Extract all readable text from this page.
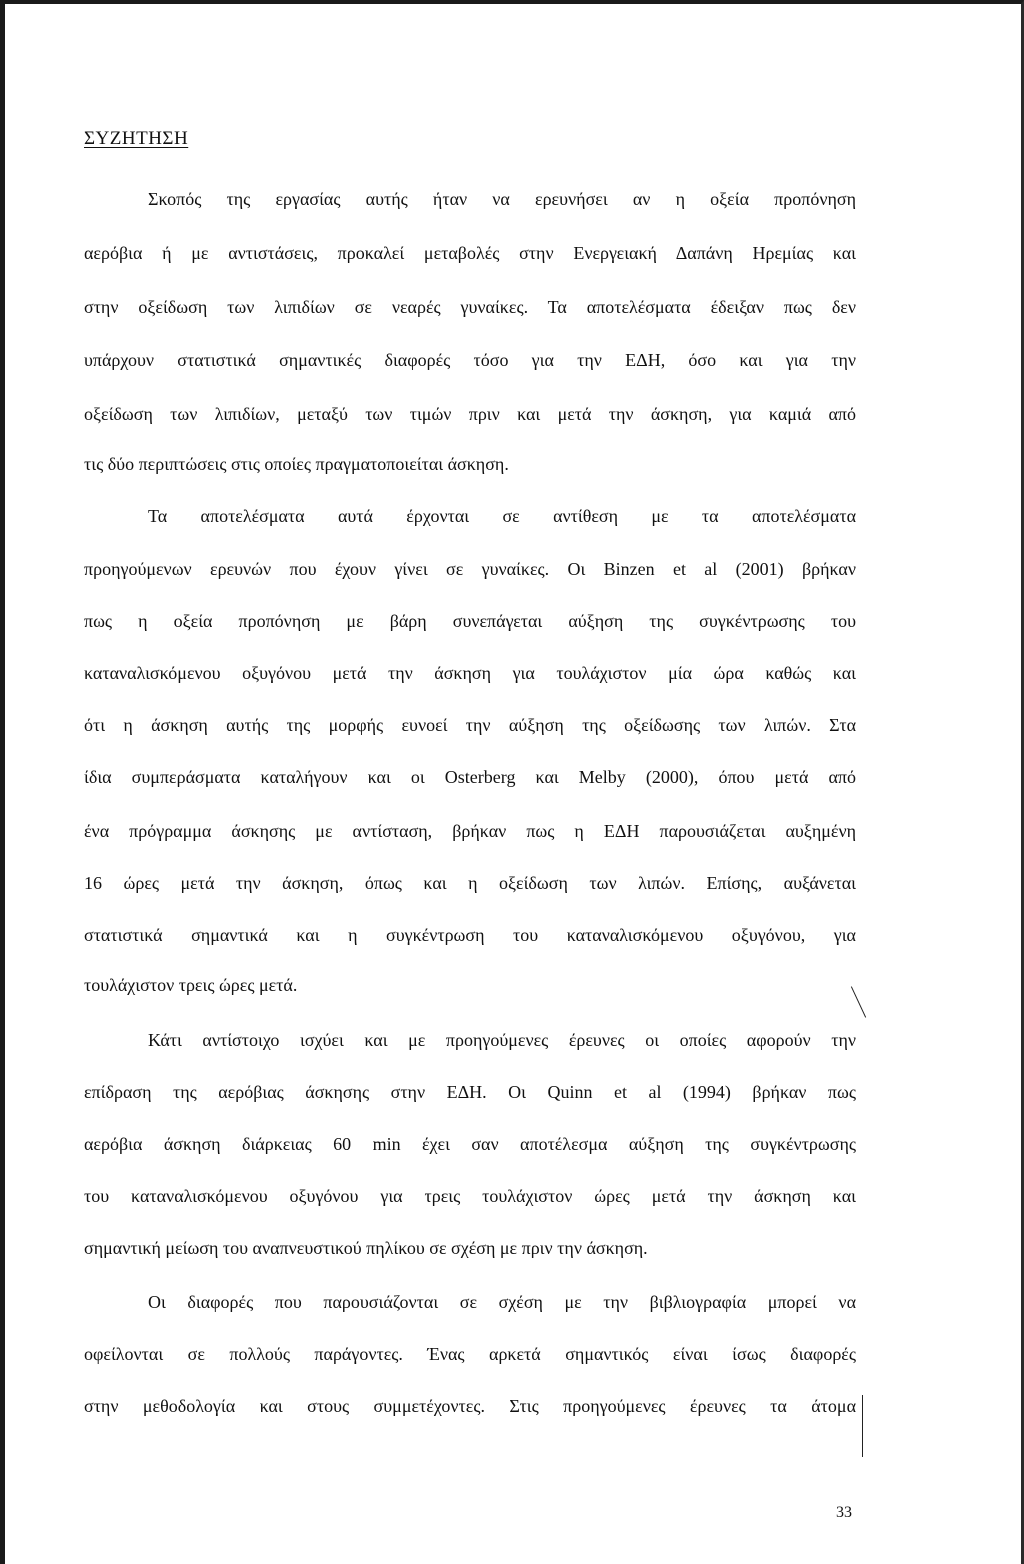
ΣΥΖΗΤΗΣΗ
Σκοπός της εργασίας αυτής ήταν να ερευνήσει αν η οξεία προπόνηση
αερόβια ή με αντιστάσεις, προκαλεί μεταβολές στην Ενεργειακή Δαπάνη Ηρεμίας και
στην οξείδωση των λιπιδίων σε νεαρές γυναίκες. Τα αποτελέσματα έδειξαν πως δεν
υπάρχουν στατιστικά σημαντικές διαφορές τόσο για την ΕΔΗ, όσο και για την
οξείδωση των λιπιδίων, μεταξύ των τιμών πριν και μετά την άσκηση, για καμιά από
τις δύο περιπτώσεις στις οποίες πραγματοποιείται άσκηση.
Τα αποτελέσματα αυτά έρχονται σε αντίθεση με τα αποτελέσματα
προηγούμενων ερευνών που έχουν γίνει σε γυναίκες. Οι Binzen et al (2001) βρήκαν
πως η οξεία προπόνηση με βάρη συνεπάγεται αύξηση της συγκέντρωσης του
καταναλισκόμενου οξυγόνου μετά την άσκηση για τουλάχιστον μία ώρα καθώς και
ότι η άσκηση αυτής της μορφής ευνοεί την αύξηση της οξείδωσης των λιπών. Στα
ίδια συμπεράσματα καταλήγουν και οι Osterberg και Melby (2000), όπου μετά από
ένα πρόγραμμα άσκησης με αντίσταση, βρήκαν πως η ΕΔΗ παρουσιάζεται αυξημένη
16 ώρες μετά την άσκηση, όπως και η οξείδωση των λιπών. Επίσης, αυξάνεται
στατιστικά σημαντικά και η συγκέντρωση του καταναλισκόμενου οξυγόνου, για
τουλάχιστον τρεις ώρες μετά.
Κάτι αντίστοιχο ισχύει και με προηγούμενες έρευνες οι οποίες αφορούν την
επίδραση της αερόβιας άσκησης στην ΕΔΗ. Οι Quinn et al (1994) βρήκαν πως
αερόβια άσκηση διάρκειας 60 min έχει σαν αποτέλεσμα αύξηση της συγκέντρωσης
του καταναλισκόμενου οξυγόνου για τρεις τουλάχιστον ώρες μετά την άσκηση και
σημαντική μείωση του αναπνευστικού πηλίκου σε σχέση με πριν την άσκηση.
Οι διαφορές που παρουσιάζονται σε σχέση με την βιβλιογραφία μπορεί να
οφείλονται σε πολλούς παράγοντες. Ένας αρκετά σημαντικός είναι ίσως διαφορές
στην μεθοδολογία και στους συμμετέχοντες. Στις προηγούμενες έρευνες τα άτομα
33
